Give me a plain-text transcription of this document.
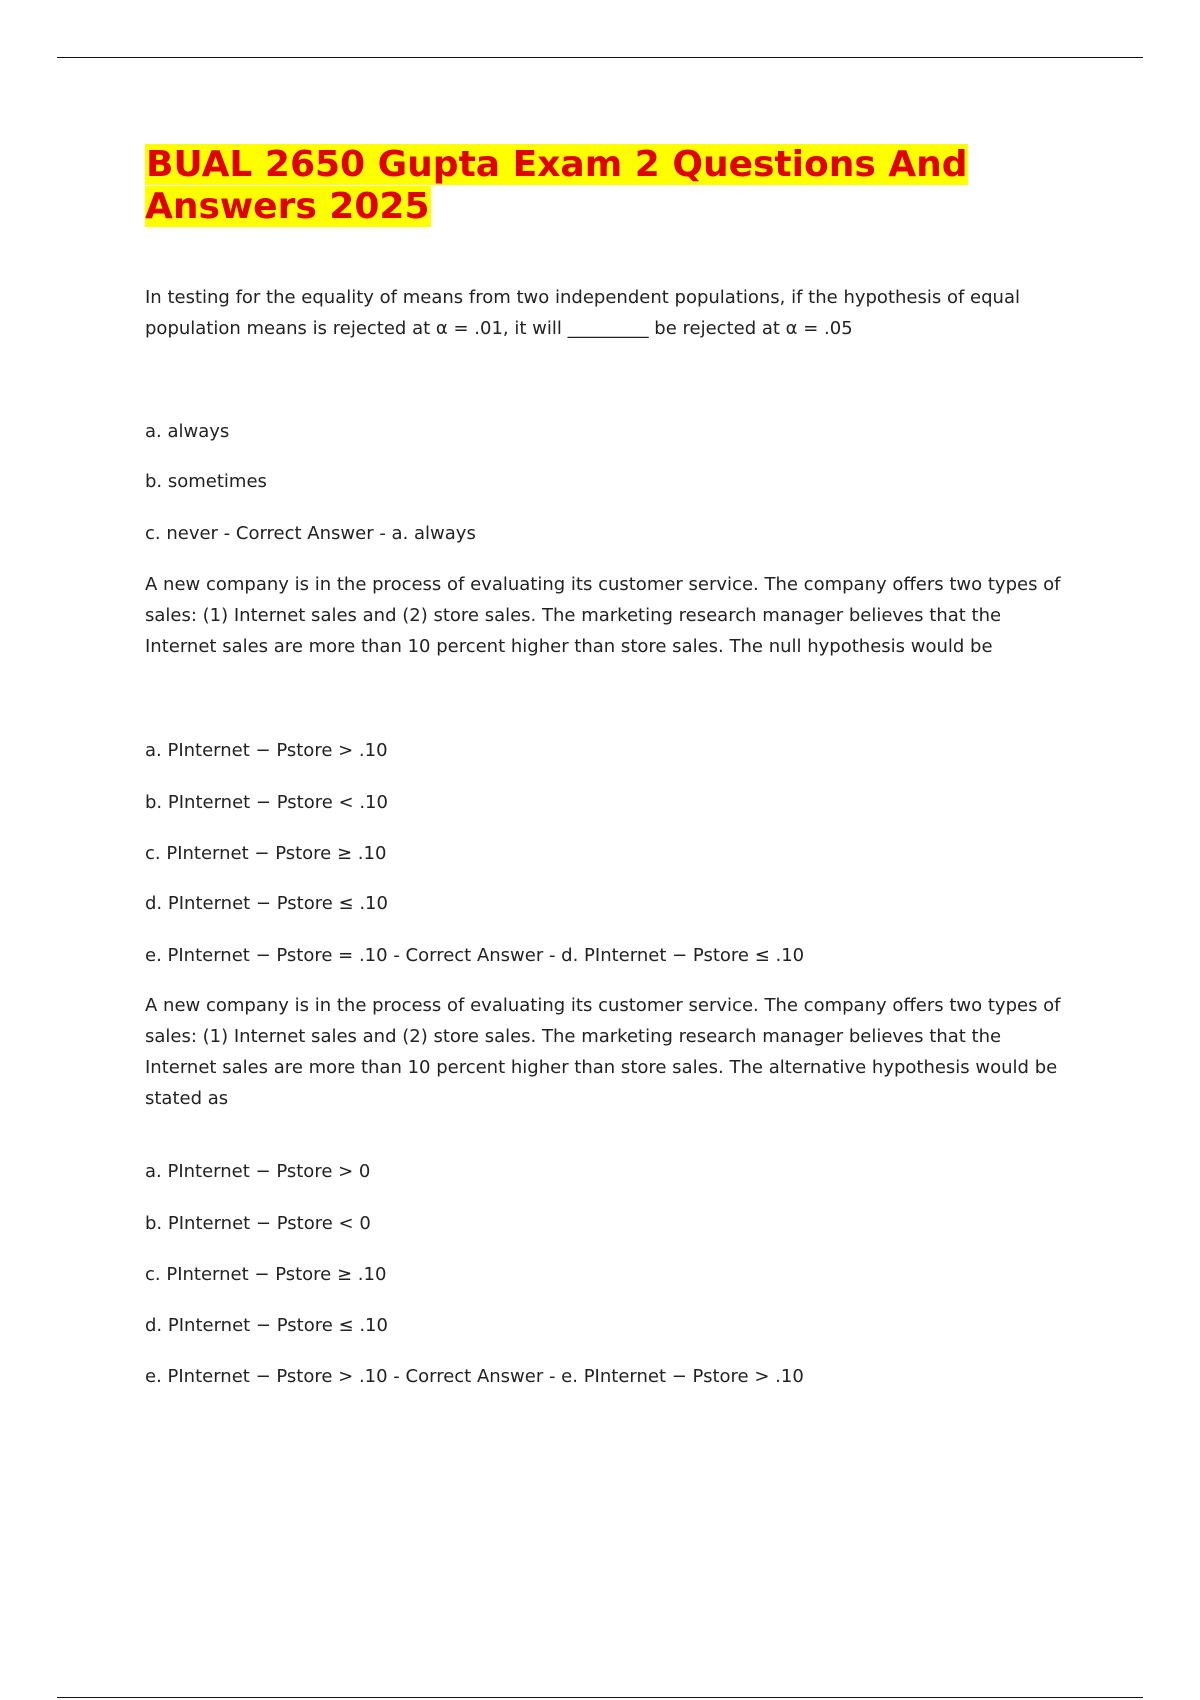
BUAL 2650 Gupta Exam 2 Questions And Answers 2025

In testing for the equality of means from two independent populations, if the hypothesis of equal population means is rejected at α = .01, it will _________ be rejected at α = .05

a. always

b. sometimes

c. never - Correct Answer - a. always

A new company is in the process of evaluating its customer service. The company offers two types of sales: (1) Internet sales and (2) store sales. The marketing research manager believes that the Internet sales are more than 10 percent higher than store sales. The null hypothesis would be

a. PInternet − Pstore > .10

b. PInternet − Pstore < .10

c. PInternet − Pstore ≥ .10

d. PInternet − Pstore ≤ .10

e. PInternet − Pstore = .10 - Correct Answer - d. PInternet − Pstore ≤ .10

A new company is in the process of evaluating its customer service. The company offers two types of sales: (1) Internet sales and (2) store sales. The marketing research manager believes that the Internet sales are more than 10 percent higher than store sales. The alternative hypothesis would be stated as

a. PInternet − Pstore > 0

b. PInternet − Pstore < 0

c. PInternet − Pstore ≥ .10

d. PInternet − Pstore ≤ .10

e. PInternet − Pstore > .10 - Correct Answer - e. PInternet − Pstore > .10
